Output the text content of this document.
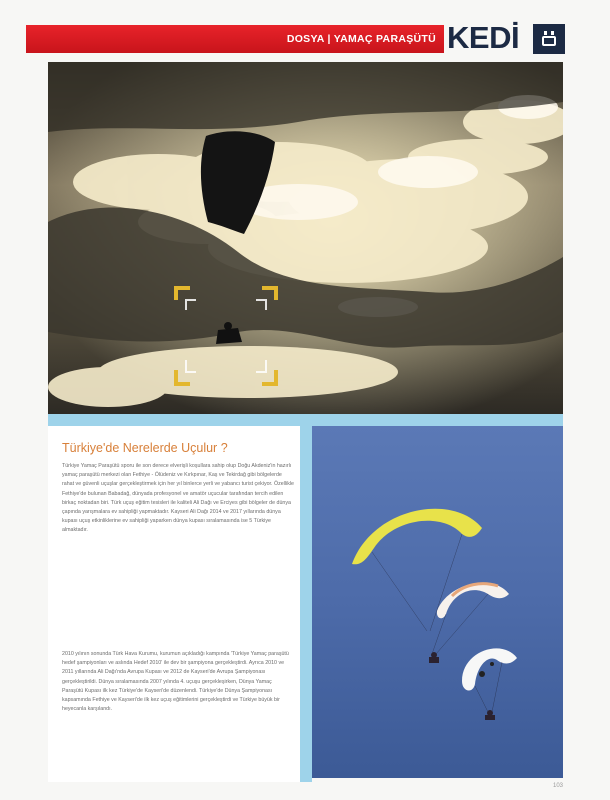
DOSYA | YAMAÇ PARAŞÜTÜ KEDİ
Türkiye'de Nerelerde Uçulur ?
Türkiye Yamaç Paraşütü sporu ile son derece elverişli koşullara sahip olup Doğu Akdeniz'in hazırlı yamaç paraşütü merkezi olan Fethiye - Ölüdeniz ve Kırkpınar, Kaş ve Tekirdağ gibi bölgelerde rahat ve güvenli uçuşlar gerçekleştirmek için her yıl binlerce yerli ve yabancı turist çekiyor. Özellikle Fethiye'de bulunan Babadağ, dünyada profesyonel ve amatör uçucular tarafından tercih edilen birkaç noktadan biri. Türk uçuş eğitim tesisleri ile kaliteli Ali Dağı ve Erciyes gibi bölgeler de dünya çapında yarışmalara ev sahipliği yapmaktadır. Kayseri Ali Dağı 2014 ve 2017 yıllarında dünya kupası uçuş etkinliklerine ev sahipliği yaparken dünya kupası sıralamasında ise 5 Türkiye almaktadır.
2010 yılının sonunda Türk Hava Kurumu, kurumun açıkladığı kampında 'Türkiye Yamaç paraşütü hedef şampiyonları ve aslında Hedef 2010' ile dev bir şampiyona gerçekleştirdi. Ayrıca 2010 ve 2011 yıllarında Ali Dağı'nda Avrupa Kupası ve 2012 de Kayseri'de Avrupa Şampiyonası gerçekleştirildi. Dünya sıralamasında 2007 yılında 4. uçuşu gerçekleşirken, Dünya Yamaç Paraşütü Kupası ilk kez Türkiye'de Kayseri'de düzenlendi. Türkiye'de Dünya Şampiyonası kapsamında Fethiye ve Kayseri'de ilk kez uçuş eğitimlerini gerçekleştirdi ve Türkiye büyük bir heyecanla karşılandı.
103
